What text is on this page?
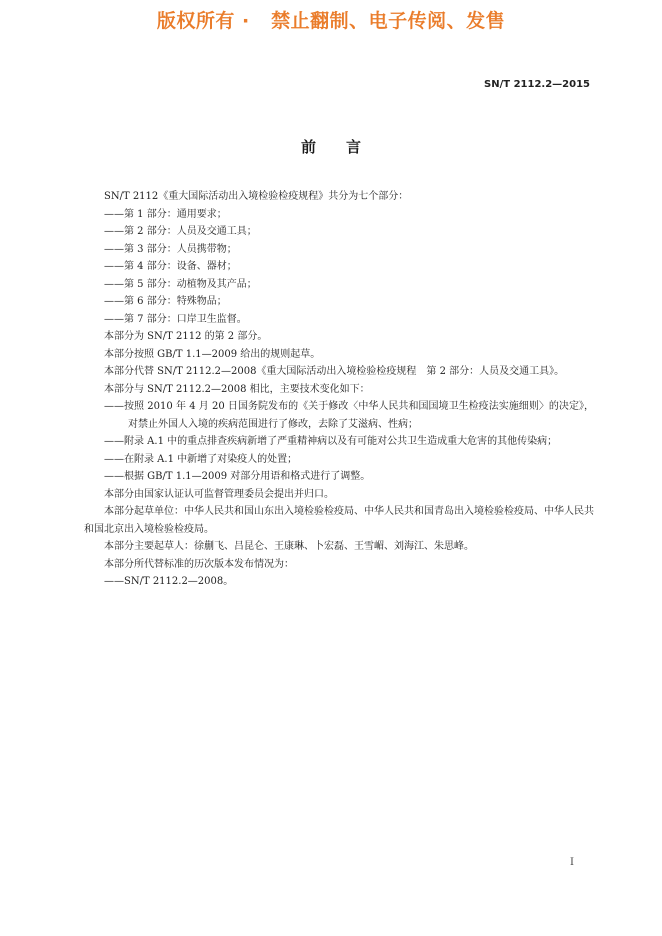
版权所有 ·   禁止翻制、电子传阅、发售
SN/T 2112.2—2015
前言

SN/T 2112《重大国际活动出入境检验检疫规程》共分为七个部分：

——第 1 部分：通用要求；

——第 2 部分：人员及交通工具；

——第 3 部分：人员携带物；

——第 4 部分：设备、器材；

——第 5 部分：动植物及其产品；

——第 6 部分：特殊物品；

——第 7 部分：口岸卫生监督。

本部分为 SN/T 2112 的第 2 部分。

本部分按照 GB/T 1.1—2009 给出的规则起草。

本部分代替 SN/T 2112.2—2008《重大国际活动出入境检验检疫规程　第 2 部分：人员及交通工具》。

本部分与 SN/T 2112.2—2008 相比，主要技术变化如下：

——按照 2010 年 4 月 20 日国务院发布的《关于修改〈中华人民共和国国境卫生检疫法实施细则〉的决定》，对禁止外国人入境的疾病范围进行了修改，去除了艾滋病、性病；

——附录 A.1 中的重点排查疾病新增了严重精神病以及有可能对公共卫生造成重大危害的其他传染病；

——在附录 A.1 中新增了对染疫人的处置；

——根据 GB/T 1.1—2009 对部分用语和格式进行了调整。

本部分由国家认证认可监督管理委员会提出并归口。

本部分起草单位：中华人民共和国山东出入境检验检疫局、中华人民共和国青岛出入境检验检疫局、中华人民共和国北京出入境检验检疫局。

本部分主要起草人：徐蒯飞、吕昆仑、王康琳、卜宏磊、王雪嵋、刘海江、朱思峰。

本部分所代替标准的历次版本发布情况为：

——SN/T 2112.2—2008。

I
